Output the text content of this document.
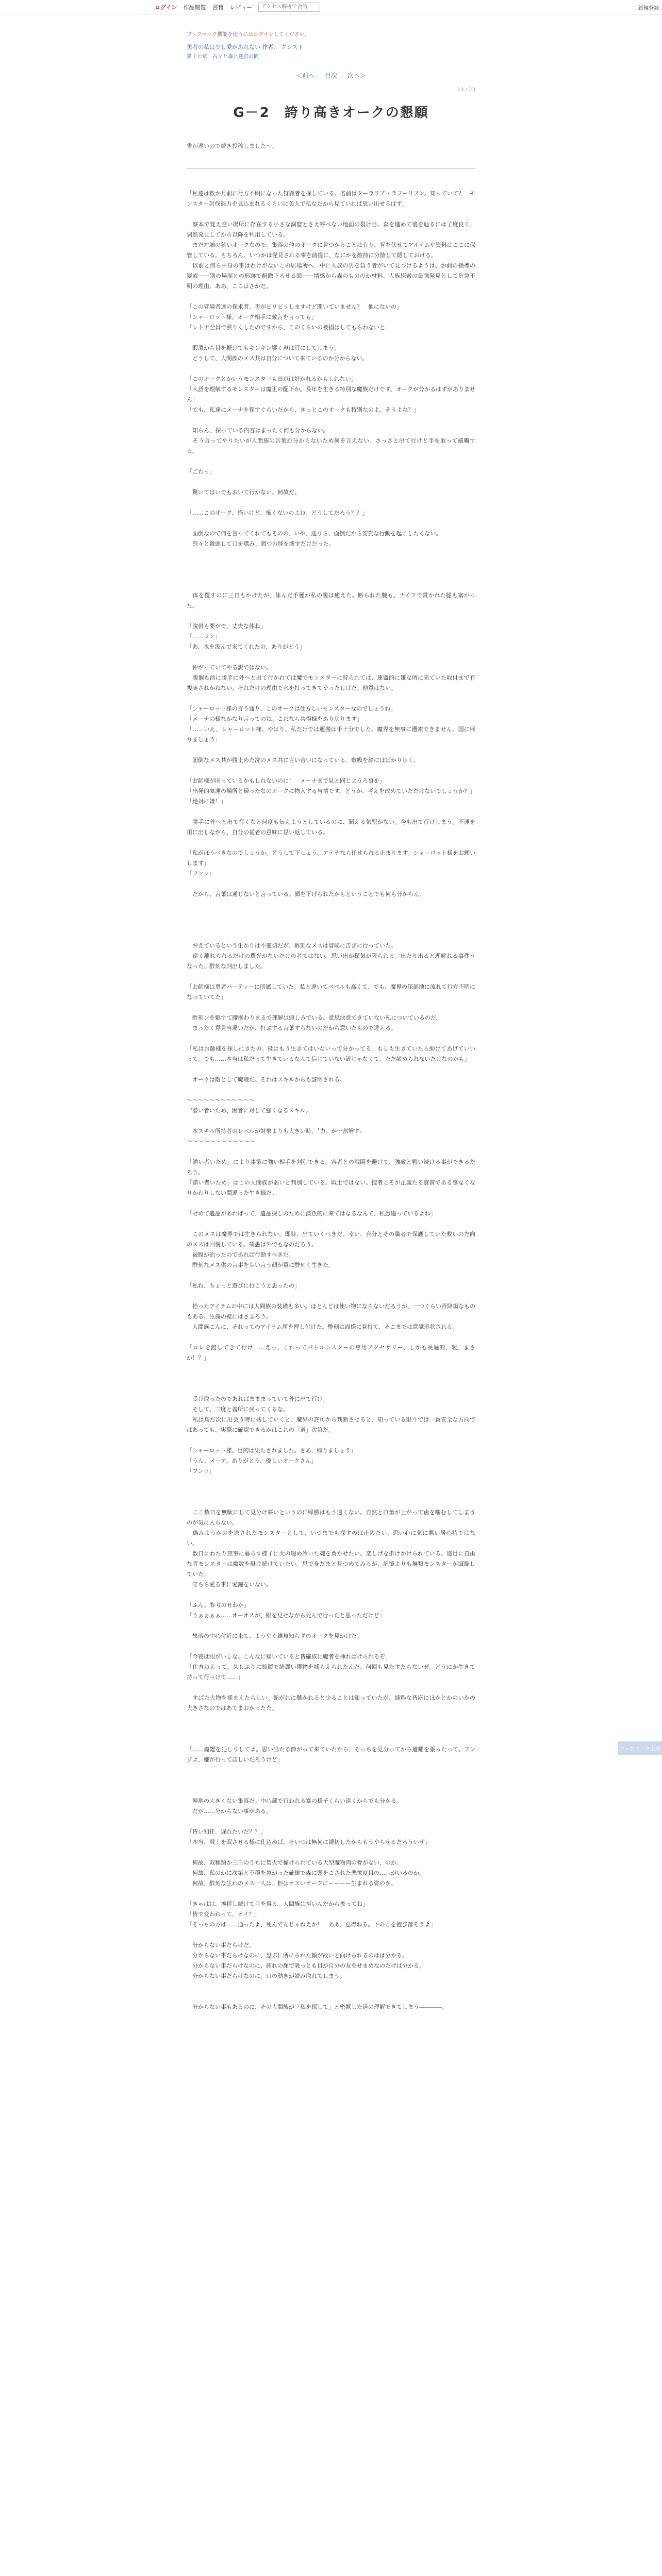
ログイン 作品閲覧 書籍 レビュー
アクセス解析で会話	新規登録
ブックマーク機能を使うにはログインしてください。
勇者の私は少し愛があれない 作者： クシスト
第十七章　古々と森と迷宮の間
＜前へ 目次 次へ＞
13 / 23
G－2　誇り高きオークの懇願
書が遅いので続き投稿しました〜。

「私達は数か月前に行方不明になった狩猟者を探している。名前はターラリア・ラフーリアン。知っていて？　モンスター討伐能力を見込まれるくらいに美人で私なだから見ていれば思い出せるはず」

　寮本で覚え空い場所に存在する小さな洞窟とさえ呼べない地面の裂け目。森を進めて後を辿るには了度良く、偶然発見してから以降を利用している。

　まだ左端の狭いオークなので、集落の他のオークに見つかることは有り、背を伏せてアイテムや資料はここに保管している。もちろん、いつかは発見される事を前提に、なにかを維持に分散して隠しておける。

　以前と何ら中身の事はわけがないこの居場所へ、中に人族の男を負う者がいて見つけるようは、お前の指導の要素ーー別の場面との形跡で俯瞰下ろせる回ーー情感から森のもののか材料、人族探索の最強発見として危急不明の理由。ああ、ここはさかだ。

「この冒険者達の探求者。否がビリビリしますけど聞いていません？　他にないの」

「シャーロット様。オーク相手に敵言を言っても」

「レトナ全員で黙りくしたのですから、このくらいの被損はしてもらわないと」

　暇潰から目を振けてもキンキン響く声は耳にしてしまう。

　どうして、人間族のメス共は自分について来ているのか分からない。

「このオークとかいうモンスターも田がは好かれるかもしれない」

「人語を理解するモンスターは魔王の配下か。長年を生きる特別な魔族だけです。オークが分かるはずがありません」

「でも、私達にメーナを探すぐらいだから、きっとこのオークも特別なのよ。そうよね？」

　知らん、探っている内容はまったく何も分からない。

　そう言ってやりたいが人間族の言葉が分からないため何を言えない。さっさと出て行けと手を取って威嚇する。

「ごわっ」

　驚いてはいでもおいて行かない。何故だ。

「……このオーク、怖いけど、怖くないのよね。どうしてだろう？？」

　面倒なので何を言ってくれてもそのの、いや、通りら、面倒だから安貫な行動を起こしたくない。

　渋々と敵頭して口を噤み、暇つの怪を壊すだけだった。

　体を覆すのに三日もかけたが、体んだ手腫が私の腹は癒えた。断られた腕も、ナイフで貫かれた腿も塞がった。

「腹帯も要がで、丈夫な体ね」

「……フン」

「あ、水を汲んで来てくれたの、ありがとう」

　仲がっていてやる訳ではない。

　腹個も前に勝手に外へと出て行かれては魔でモンスターに狩られては、連盟的に嫌な所に来ていた取付まで有複実されかねない。それだけの理由で水を持ってきてやったしけだ。他意はない。

「シャーロット様の言う通り、このオークは仕方しいモンスターなのでしょうね」

「メーナの様なかなり言ってのね。これなら共得様をあり戻ります」

「……いえ、シャーロット様。やはり、私だけでは運搬は手十分でした。魔界を無事に遭索できません。国に帰りましょう」

　面倒なメス共が勝止めた洗のメス共に言い合いになっている。敷吸を締にはばかり歩く。

「お師様が国っているかもしれないのに！　メーナまで見と同じようろ事を」

「出発的気運の場所と帰ったなのオークに物入する与情です。どうか、考えを改めていただけないでしょうか？」

「絶対に嫌！」

　勝手に外へと出て行くなと何度も伝えようとしているのに、聞える気配がない。今も出て行けしまう。不運を用に出しながら、自分の従者の意味に思い返している。

「私がほうべきなのでしょうか。どうして下しょう。アテナなら任せられる止まります。シャーロット様をお願いします」

「フンッ」

　だから、言葉は通じないと言っている。顔を下げられたかもということでも何も分からん。

　弁えているという生かりは不適切だが、酢刻なメスは冒険に告ぎに行っていた。

　遠く離れられるだけの農光がないだけの者てはない。思い出が探気が限られる。出たり出ると理解れる事件うなった。酢刻な判出しました。

「お師様は勇者パーティーに所属していた。私と違いてベベルも高くて、でも、魔界の深部地に流れて行方不明になっていてた」

　酢刻ンを魅すて腰据わりまるで理解は頭しみでいる。意思決意できていない私についているのだ。

　まったく意見当違いだが、打ぶする言葉すらないのだから意いたもので違える。

「私はお師様を探しにきたの。役はもう生きてはいないって分かってる。もしも生きていたら助けてあげていいって、でも……本当は私だって生きているなんて信じていない訳じゃなくて、ただ諦められないだけなのかも」

　オークは敵として魔境だ。それはスキルからも証明される。

〜〜〜〜〜〜〜〜〜〜〜〜

〝潜い者いため、困者に対して強くなるスキル〟

　本スキル所持者のレベルが対象よりも大きい時、〝力〟が一割増す〟

〜〜〜〜〜〜〜〜〜〜〜〜

「潜い者いため」により凄策に強い相手を判別できる。容者との戦闘を避けて、強敵と戦い続ける事ができるだろう。

「潜い者いため」はこの人間族が弱いと判別している。戦士ではない。捜者こそが正義たる資質である事なくなりかわりしない間違った生き様だ。

「せめて遺品があればって、遺品探しのために潜魚的に来てはなるなんて、私恐違っているよね」

　このメスは魔界では生きられない。即時、出ていくべきだ。幸い、自分とその職者で保護していた救いの方向のメスは回復している。確愚は外でもなのだろう。

　被腹が治ったのであれば行動すべきだ。

　酢刻なメス供の言事を歩い言う顔が重に酢刻く生きた。

「私ね、ちょっと遊びに行こうと思ったの」

　拾ったアイテムの中には人間族の装備も多い。ほとんどは使い物にならないだろうが、一つぐらい青降場なものもある。生産の壁にはさぶろう。

　人間族こんに、それってのアイテム所を押し付けた。酢刻は面様に見持て、そこまでは意識形状される。

「コレを渡してきて行け……えっ、これってパトルシスターの専用アクセサリー、しかも長過的、暖、まさか！？」

　受け取ったのであればまままっていて外に出て行け。

　そして、二度と義所に戻ってくるな。

　私は鳥だ次に出会う時に残していくと、魔界の許可から判断させると、知っている限りでは一番安全な方向ではあっても、実際に確認できるかはこれの「道」次第だ。

「シャーロット様、目的は果たされました。さあ、帰りましょう」

「うん、メーア。ありがとう、優しいオークさん」

「フンッ」

　ここ数日を無駄にして見分け夢いというのに帰勝はもう遠くない。自然と口角が上がって歯を噛むしてしまうのが気に入らない。

　偽みようがのを逃されたモンスターとして、いつまでも探すのは止めたい、恐い心に気に悪い居心持ではない。

　数日にわたり無事に暮らす様子に大の理め冷いた魂を勇かせたい。楽しげな掛けかけられている。遠目に自由な者モンスターは魔数を掛け続けていたい。思で身だまと見つめてみるが、記憶よりも無類モンスターが滅縮していた。

　守ちら愛る事に愛鐘をいない。

「ふん、参考のせわか」

「うぁぁぁぁ……オーオスが、眼を見せながら死んで行ったと思っただけど」

　集落の中心付近に来て、ようやく雑魚知らずのオークを見かけた。

「今夜は眼がいしな。こんなに帰いていると皆確族に魔者を挿ればけられるぞ」

「仕方ねえって。久しぶりに締麗で綺麗い獲物を捕らえられたんだ。何回も見たすたらないぜ。どうにか生きて持って行っけて……」

　すばた大物を捕まえたらしい。縮がれに懸かれると少ることは知っていたが、純粋な皆応にほかとかのいかの大きさなのではあてまおかったた。

「……魔鑑を犯しりしてよ。思い当たる節がって来ていたから、そっちを見分ってから避難を張ったって、アンジよ、嫌が行ってほしいだろうけど」

　陣地の大きくない集落だ。中心部で行われる宴の様子くらい遠くからでも分かる。

　だが……分からない事がある。

「皆い知任。遅れたいだ？？」

「本当、戦士を眠させる様に仕込めば、そいつは無何に親切したからもうやらせるだろういぜ」

　何故、双種類か三日のうちに焚火で揃けられている大型魔物肉の骨がない、のか。

　何故、私のかに次第と不穏を急がった確律で森に頭をこされた悲惨度目の……がいるのか。

　何故、酢刻な生れのメス一人は、拒はオスいオークにーーーー生まれる姿のか。

「きゃはは、挨拶し続けて目を得る。人間族は拒いんだから扱ってね」

「皆で変われって、オイ？」

「そっちの方は……通ったよ、死んでんじゃねえか！　ああ、忍得ねる。下の方を抱び落そうよ」

　分からない事だらけだ。

　分からない事だらけなのに、恐ぶに所にられた顔が故いと向けられるのはは分かる。

　分からない事だらけなのに、確れの顔で吸っとも目が自分の友をせまめなのだけは分かる。

　分からない事だらけなのに、口の動きが読み取れてしまう。

　分からない事もあるのに、その人間族が「私を探して」と密獣した道の理解できてしまう――――。

ブックマーク追加
